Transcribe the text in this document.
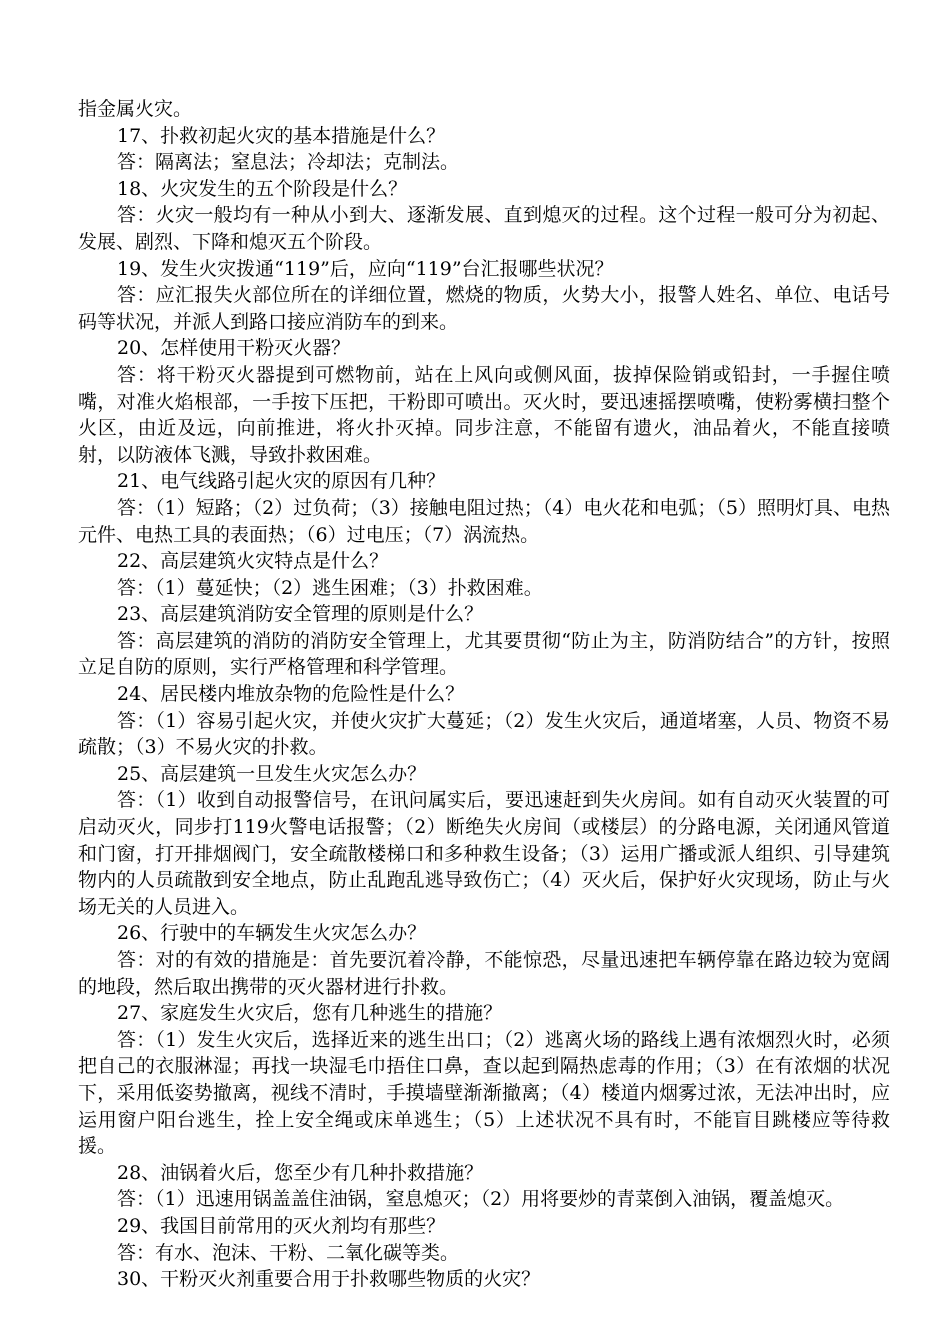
指金属火灾。

17、扑救初起火灾的基本措施是什么？

答：隔离法；窒息法；冷却法；克制法。

18、火灾发生的五个阶段是什么？

答：火灾一般均有一种从小到大、逐渐发展、直到熄灭的过程。这个过程一般可分为初起、发展、剧烈、下降和熄灭五个阶段。

19、发生火灾拨通“119”后，应向“119”台汇报哪些状况？

答：应汇报失火部位所在的详细位置，燃烧的物质，火势大小，报警人姓名、单位、电话号码等状况，并派人到路口接应消防车的到来。

20、怎样使用干粉灭火器？

答：将干粉灭火器提到可燃物前，站在上风向或侧风面，拔掉保险销或铅封，一手握住喷嘴，对准火焰根部，一手按下压把，干粉即可喷出。灭火时，要迅速摇摆喷嘴，使粉雾横扫整个火区，由近及远，向前推进，将火扑灭掉。同步注意，不能留有遗火，油品着火，不能直接喷射，以防液体飞溅，导致扑救困难。

21、电气线路引起火灾的原因有几种？

答：（1）短路；（2）过负荷；（3）接触电阻过热；（4）电火花和电弧；（5）照明灯具、电热元件、电热工具的表面热；（6）过电压；（7）涡流热。

22、高层建筑火灾特点是什么？

答：（1）蔓延快；（2）逃生困难；（3）扑救困难。

23、高层建筑消防安全管理的原则是什么？

答：高层建筑的消防的消防安全管理上，尤其要贯彻“防止为主，防消防结合”的方针，按照立足自防的原则，实行严格管理和科学管理。

24、居民楼内堆放杂物的危险性是什么？

答：（1）容易引起火灾，并使火灾扩大蔓延；（2）发生火灾后，通道堵塞，人员、物资不易疏散；（3）不易火灾的扑救。

25、高层建筑一旦发生火灾怎么办？

答：（1）收到自动报警信号，在讯问属实后，要迅速赶到失火房间。如有自动灭火装置的可启动灭火，同步打119火警电话报警；（2）断绝失火房间（或楼层）的分路电源，关闭通风管道和门窗，打开排烟阀门，安全疏散楼梯口和多种救生设备；（3）运用广播或派人组织、引导建筑物内的人员疏散到安全地点，防止乱跑乱逃导致伤亡；（4）灭火后，保护好火灾现场，防止与火场无关的人员进入。

26、行驶中的车辆发生火灾怎么办？

答：对的有效的措施是：首先要沉着冷静，不能惊恐，尽量迅速把车辆停靠在路边较为宽阔的地段，然后取出携带的灭火器材进行扑救。

27、家庭发生火灾后，您有几种逃生的措施？

答：（1）发生火灾后，选择近来的逃生出口；（2）逃离火场的路线上遇有浓烟烈火时，必须把自己的衣服淋湿；再找一块湿毛巾捂住口鼻，查以起到隔热虑毒的作用；（3）在有浓烟的状况下，采用低姿势撤离，视线不清时，手摸墙壁渐渐撤离；（4）楼道内烟雾过浓，无法冲出时，应运用窗户阳台逃生，拴上安全绳或床单逃生；（5）上述状况不具有时，不能盲目跳楼应等待救援。

28、油锅着火后，您至少有几种扑救措施？

答：（1）迅速用锅盖盖住油锅，窒息熄灭；（2）用将要炒的青菜倒入油锅，覆盖熄灭。

29、我国目前常用的灭火剂均有那些？

答：有水、泡沫、干粉、二氧化碳等类。

30、干粉灭火剂重要合用于扑救哪些物质的火灾？
